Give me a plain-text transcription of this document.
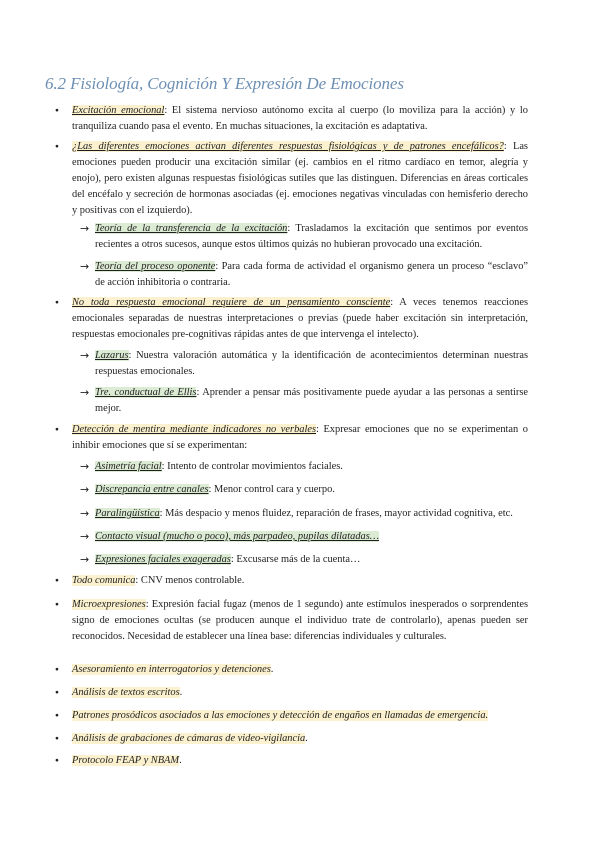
6.2 Fisiología, Cognición Y Expresión De Emociones
● Excitación emocional: El sistema nervioso autónomo excita al cuerpo (lo moviliza para la acción) y lo tranquiliza cuando pasa el evento. En muchas situaciones, la excitación es adaptativa.
● ¿Las diferentes emociones activan diferentes respuestas fisiológicas y de patrones encefálicos?: Las emociones pueden producir una excitación similar (ej. cambios en el ritmo cardíaco en temor, alegría y enojo), pero existen algunas respuestas fisiológicas sutiles que las distinguen. Diferencias en áreas corticales del encéfalo y secreción de hormonas asociadas (ej. emociones negativas vinculadas con hemisferio derecho y positivas con el izquierdo).
→ Teoría de la transferencia de la excitación: Trasladamos la excitación que sentimos por eventos recientes a otros sucesos, aunque estos últimos quizás no hubieran provocado una excitación.
→ Teoría del proceso oponente: Para cada forma de actividad el organismo genera un proceso “esclavo” de acción inhibitoria o contraria.
● No toda respuesta emocional requiere de un pensamiento consciente: A veces tenemos reacciones emocionales separadas de nuestras interpretaciones o previas (puede haber excitación sin interpretación, respuestas emocionales pre-cognitivas rápidas antes de que intervenga el intelecto).
→ Lazarus: Nuestra valoración automática y la identificación de acontecimientos determinan nuestras respuestas emocionales.
→ Tre. conductual de Ellis: Aprender a pensar más positivamente puede ayudar a las personas a sentirse mejor.
● Detección de mentira mediante indicadores no verbales: Expresar emociones que no se experimentan o inhibir emociones que sí se experimentan:
→ Asimetría facial: Intento de controlar movimientos faciales.
→ Discrepancia entre canales: Menor control cara y cuerpo.
→ Paralingüística: Más despacio y menos fluidez, reparación de frases, mayor actividad cognitiva, etc.
→ Contacto visual (mucho o poco), más parpadeo, pupilas dilatadas…
→ Expresiones faciales exageradas: Excusarse más de la cuenta…
● Todo comunica: CNV menos controlable.
● Microexpresiones: Expresión facial fugaz (menos de 1 segundo) ante estímulos inesperados o sorprendentes signo de emociones ocultas (se producen aunque el individuo trate de controlarlo), apenas pueden ser reconocidos. Necesidad de establecer una línea base: diferencias individuales y culturales.
● Asesoramiento en interrogatorios y detenciones.
● Análisis de textos escritos.
● Patrones prosódicos asociados a las emociones y detección de engaños en llamadas de emergencia.
● Análisis de grabaciones de cámaras de video-vigilancia.
● Protocolo FEAP y NBAM.
